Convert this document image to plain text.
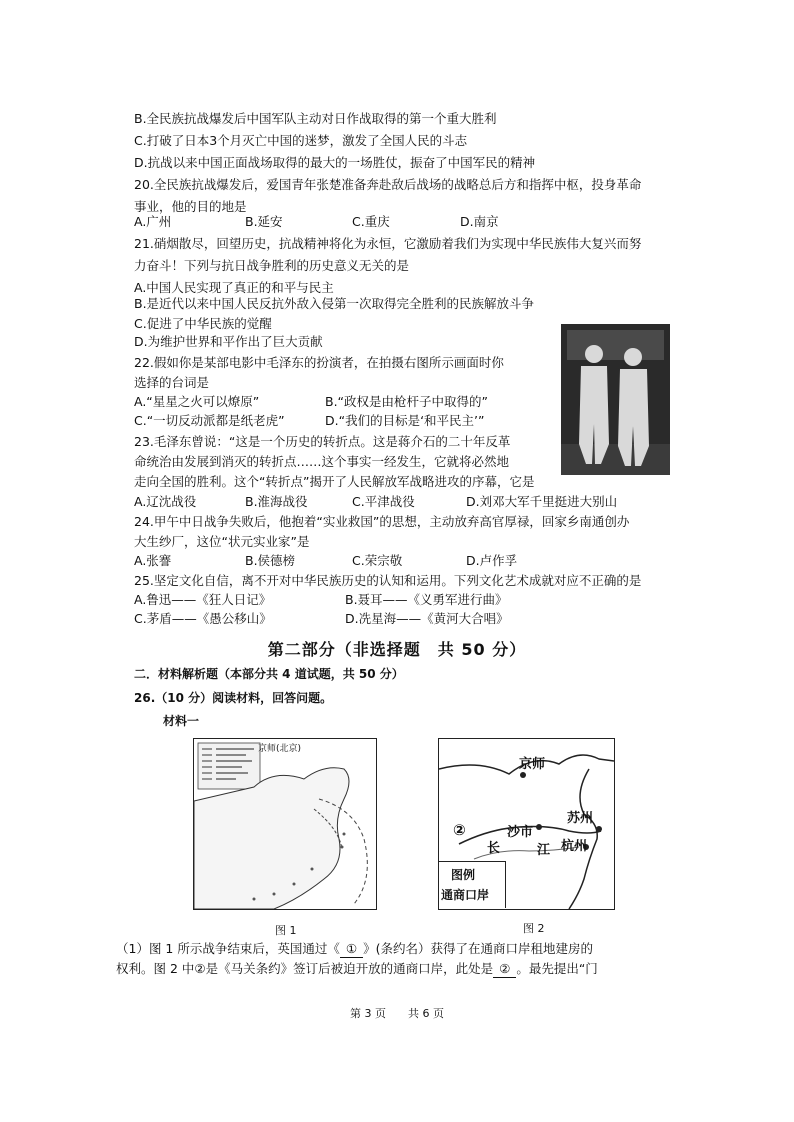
B.全民族抗战爆发后中国军队主动对日作战取得的第一个重大胜利
C.打破了日本3个月灭亡中国的迷梦，激发了全国人民的斗志
D.抗战以来中国正面战场取得的最大的一场胜仗，振奋了中国军民的精神
20.全民族抗战爆发后，爱国青年张楚准备奔赴敌后战场的战略总后方和指挥中枢，投身革命
事业，他的目的地是
A.广州	B.延安	C.重庆	D.南京
21.硝烟散尽，回望历史，抗战精神将化为永恒，它激励着我们为实现中华民族伟大复兴而努
力奋斗！下列与抗日战争胜利的历史意义无关的是
A.中国人民实现了真正的和平与民主
B.是近代以来中国人民反抗外敌入侵第一次取得完全胜利的民族解放斗争
C.促进了中华民族的觉醒
D.为维护世界和平作出了巨大贡献
22.假如你是某部电影中毛泽东的扮演者，在拍摄右图所示画面时你
选择的台词是
A.“星星之火可以燎原”	B.“政权是由枪杆子中取得的”
C.“一切反动派都是纸老虎”	D.“我们的目标是‘和平民主’”
23.毛泽东曾说：“这是一个历史的转折点。这是蒋介石的二十年反革
命统治由发展到消灭的转折点……这个事实一经发生，它就将必然地
走向全国的胜利。这个“转折点”揭开了人民解放军战略进攻的序幕，它是
A.辽沈战役	B.淮海战役	C.平津战役	D.刘邓大军千里挺进大别山
24.甲午中日战争失败后，他抱着“实业救国”的思想，主动放弃高官厚禄，回家乡南通创办
大生纱厂，这位“状元实业家”是
A.张謇	B.侯德榜	C.荣宗敬	D.卢作孚
25.坚定文化自信，离不开对中华民族历史的认知和运用。下列文化艺术成就对应不正确的是
A.鲁迅——《狂人日记》	B.聂耳——《义勇军进行曲》
C.茅盾——《愚公移山》	D.冼星海——《黄河大合唱》
第二部分（非选择题　共 50 分）
二．材料解析题（本部分共 4 道试题，共 50 分）
26.（10 分）阅读材料，回答问题。
材料一
京师(北京)
图 1
京师
苏州
沙市
杭州
长	江
②
图例
通商口岸
图 2
（1）图 1 所示战争结束后，英国通过《 ① 》(条约名）获得了在通商口岸租地建房的
权利。图 2 中②是《马关条约》签订后被迫开放的通商口岸，此处是 ② 。最先提出“门
第 3 页　　共 6 页
